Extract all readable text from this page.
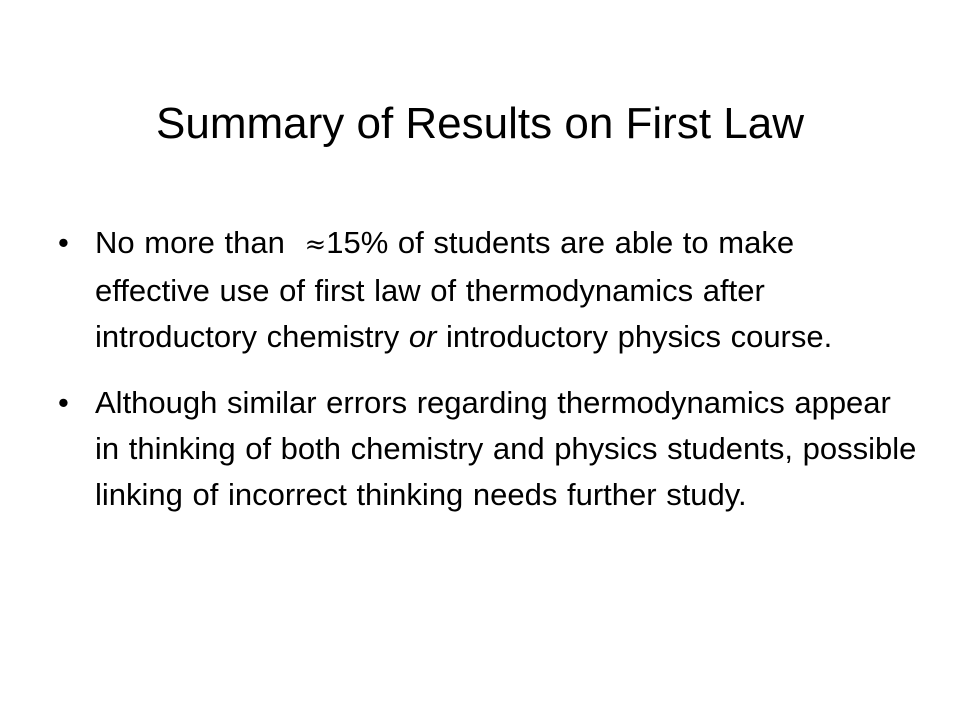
Summary of Results on First Law
• No more than ≈15% of students are able to make effective use of first law of thermodynamics after introductory chemistry or introductory physics course.
• Although similar errors regarding thermodynamics appear in thinking of both chemistry and physics students, possible linking of incorrect thinking needs further study.
